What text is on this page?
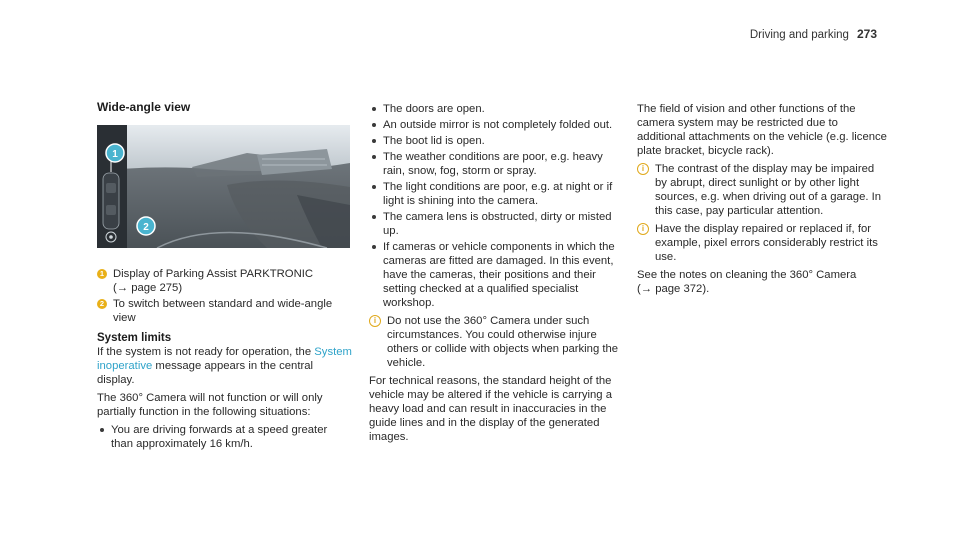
Driving and parking 273
Wide-angle view
1
2
1 Display of Parking Assist PARKTRONIC
(→ page 275)
2 To switch between standard and wide-angle view
System limits

If the system is not ready for operation, the System inoperative message appears in the central display.

The 360° Camera will not function or will only partially function in the following situations:

You are driving forwards at a speed greater than approximately 16 km/h.
The doors are open.
An outside mirror is not completely folded out.
The boot lid is open.
The weather conditions are poor, e.g. heavy rain, snow, fog, storm or spray.
The light conditions are poor, e.g. at night or if light is shining into the camera.
The camera lens is obstructed, dirty or misted up.
If cameras or vehicle components in which the cameras are fitted are damaged. In this event, have the cameras, their positions and their setting checked at a qualified specialist workshop.
i Do not use the 360° Camera under such circumstances. You could otherwise injure others or collide with objects when parking the vehicle.

For technical reasons, the standard height of the vehicle may be altered if the vehicle is carrying a heavy load and can result in inaccuracies in the guide lines and in the display of the generated images.

The field of vision and other functions of the camera system may be restricted due to additional attachments on the vehicle (e.g. licence plate bracket, bicycle rack).

i The contrast of the display may be impaired by abrupt, direct sunlight or by other light sources, e.g. when driving out of a garage. In this case, pay particular attention.
i Have the display repaired or replaced if, for example, pixel errors considerably restrict its use.

See the notes on cleaning the 360° Camera
(→ page 372).
